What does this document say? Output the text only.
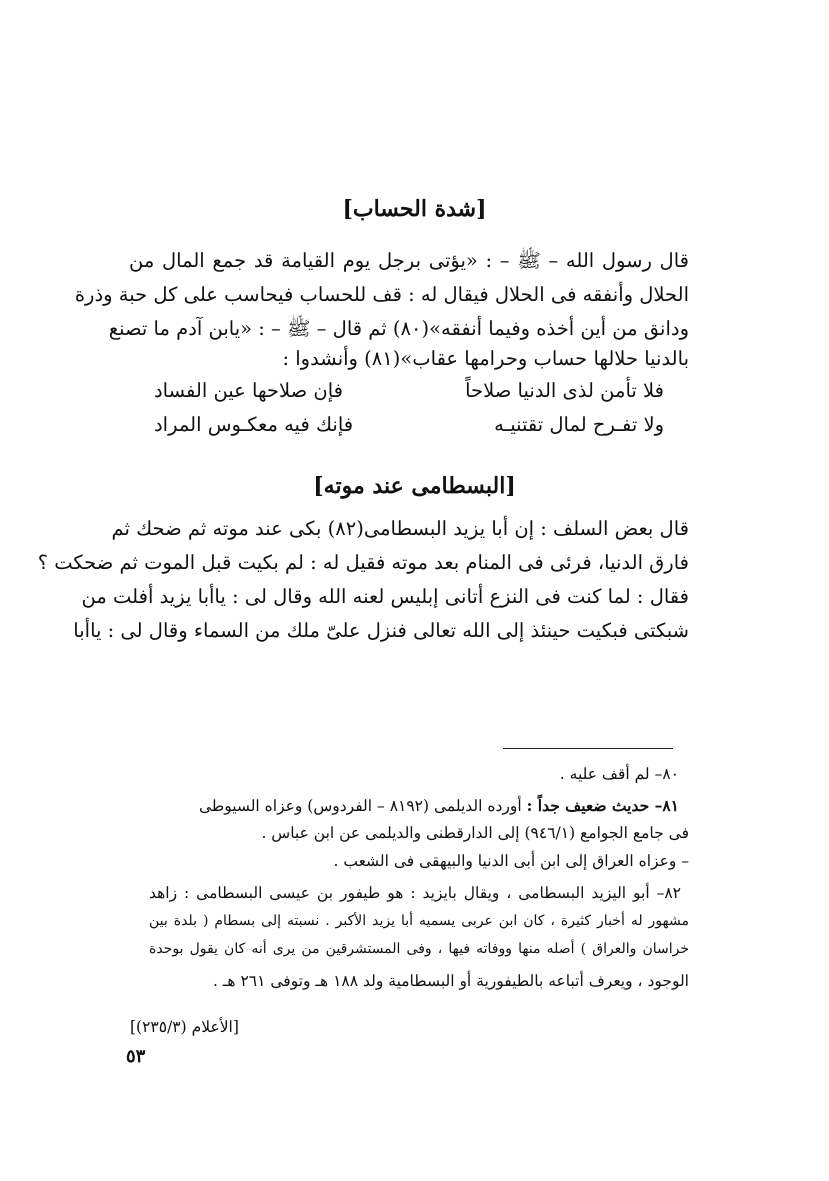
[شدة الحساب]
قال رسول الله – ﷺ – : «يؤتى برجل يوم القيامة قد جمع المال من
الحلال وأنفقه فى الحلال فيقال له : قف للحساب فيحاسب على كل حبة وذرة
ودانق من أين أخذه وفيما أنفقه»(٨٠) ثم قال – ﷺ – : «يابن آدم ما تصنع
بالدنيا حلالها حساب وحرامها عقاب»(٨١) وأنشدوا :
فلا تأمن لذى الدنيا صلاحاً
فإن صلاحها عين الفساد
ولا تفـرح لمال تقتنيـه
فإنك فيه معكـوس المراد
[البسطامى عند موته]
قال بعض السلف : إن أبا يزيد البسطامى(٨٢) بكى عند موته ثم ضحك ثم
فارق الدنيا، فرئى فى المنام بعد موته فقيل له : لم بكيت قبل الموت ثم ضحكت ؟
فقال : لما كنت فى النزع أتانى إبليس لعنه الله وقال لى : ياأبا يزيد أفلت من
شبكتى فبكيت حينئذ إلى الله تعالى فنزل علىّ ملك من السماء وقال لى : ياأبا
٨٠– لم أقف عليه .
٨١– حديث ضعيف جداً : أورده الديلمى (٨١٩٢ – الفردوس) وعزاه السيوطى
فى جامع الجوامع (٩٤٦/١) إلى الدارقطنى والديلمى عن ابن عباس .
– وعزاه العراق إلى ابن أبى الدنيا والبيهقى فى الشعب .
٨٢– أبو اليزيد البسطامى ، ويقال بايزيد : هو طيفور بن عيسى البسطامى : زاهد
مشهور له أخبار كثيرة ، كان ابن عربى يسميه أبا يزيد الأكبر . نسبته إلى بسطام ( بلدة بين
خراسان والعراق ) أصله منها ووفاته فيها ، وفى المستشرقين من يرى أنه كان يقول بوحدة
الوجود ، ويعرف أتباعه بالطيفورية أو البسطامية ولد ١٨٨ هـ وتوفى ٢٦١ هـ .
[الأعلام (٢٣٥/٣)]
٥٣
